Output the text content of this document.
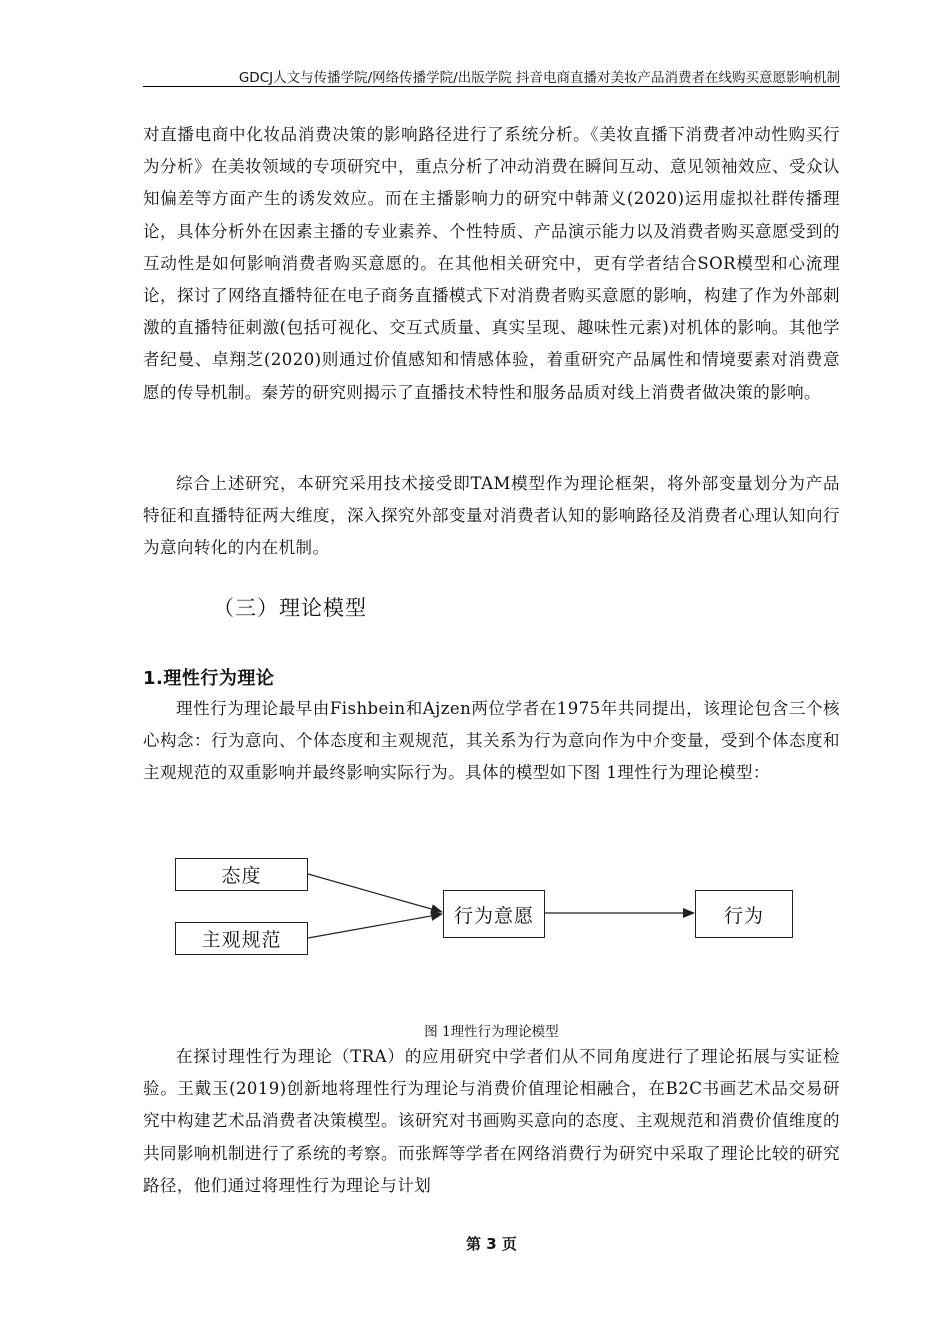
GDCJ人文与传播学院/网络传播学院/出版学院 抖音电商直播对美妆产品消费者在线购买意愿影响机制

对直播电商中化妆品消费决策的影响路径进行了系统分析。《美妆直播下消费者冲动性购买行为分析》在美妆领域的专项研究中，重点分析了冲动消费在瞬间互动、意见领袖效应、受众认知偏差等方面产生的诱发效应。而在主播影响力的研究中韩萧义(2020)运用虚拟社群传播理论，具体分析外在因素主播的专业素养、个性特质、产品演示能力以及消费者购买意愿受到的互动性是如何影响消费者购买意愿的。在其他相关研究中，更有学者结合SOR模型和心流理论，探讨了网络直播特征在电子商务直播模式下对消费者购买意愿的影响，构建了作为外部刺激的直播特征刺激(包括可视化、交互式质量、真实呈现、趣味性元素)对机体的影响。其他学者纪曼、卓翔芝(2020)则通过价值感知和情感体验，着重研究产品属性和情境要素对消费意愿的传导机制。秦芳的研究则揭示了直播技术特性和服务品质对线上消费者做决策的影响。

综合上述研究，本研究采用技术接受即TAM模型作为理论框架，将外部变量划分为产品特征和直播特征两大维度，深入探究外部变量对消费者认知的影响路径及消费者心理认知向行为意向转化的内在机制。

（三）理论模型
1.理性行为理论

理性行为理论最早由Fishbein和Ajzen两位学者在1975年共同提出，该理论包含三个核心构念：行为意向、个体态度和主观规范，其关系为行为意向作为中介变量，受到个体态度和主观规范的双重影响并最终影响实际行为。具体的模型如下图 1理性行为理论模型：

态度
主观规范
行为意愿	行为
图 1理性行为理论模型

在探讨理性行为理论（TRA）的应用研究中学者们从不同角度进行了理论拓展与实证检验。王戴玉(2019)创新地将理性行为理论与消费价值理论相融合，在B2C书画艺术品交易研究中构建艺术品消费者决策模型。该研究对书画购买意向的态度、主观规范和消费价值维度的共同影响机制进行了系统的考察。而张辉等学者在网络消费行为研究中采取了理论比较的研究路径，他们通过将理性行为理论与计划

第 3 页
